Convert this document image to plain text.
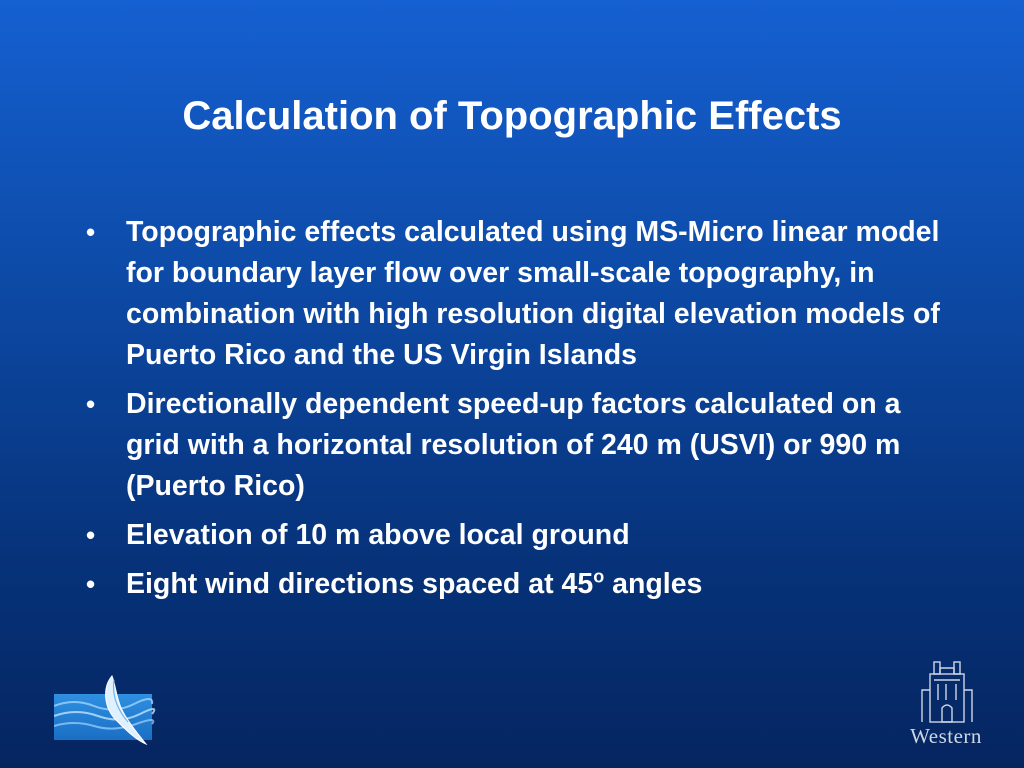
Calculation of Topographic Effects
• Topographic effects calculated using MS-Micro linear model for boundary layer flow over small-scale topography, in combination with high resolution digital elevation models of Puerto Rico and the US Virgin Islands
• Directionally dependent speed-up factors calculated on a grid with a horizontal resolution of 240 m (USVI) or 990 m (Puerto Rico)
• Elevation of 10 m above local ground
• Eight wind directions spaced at 45$^o$ angles
Western
